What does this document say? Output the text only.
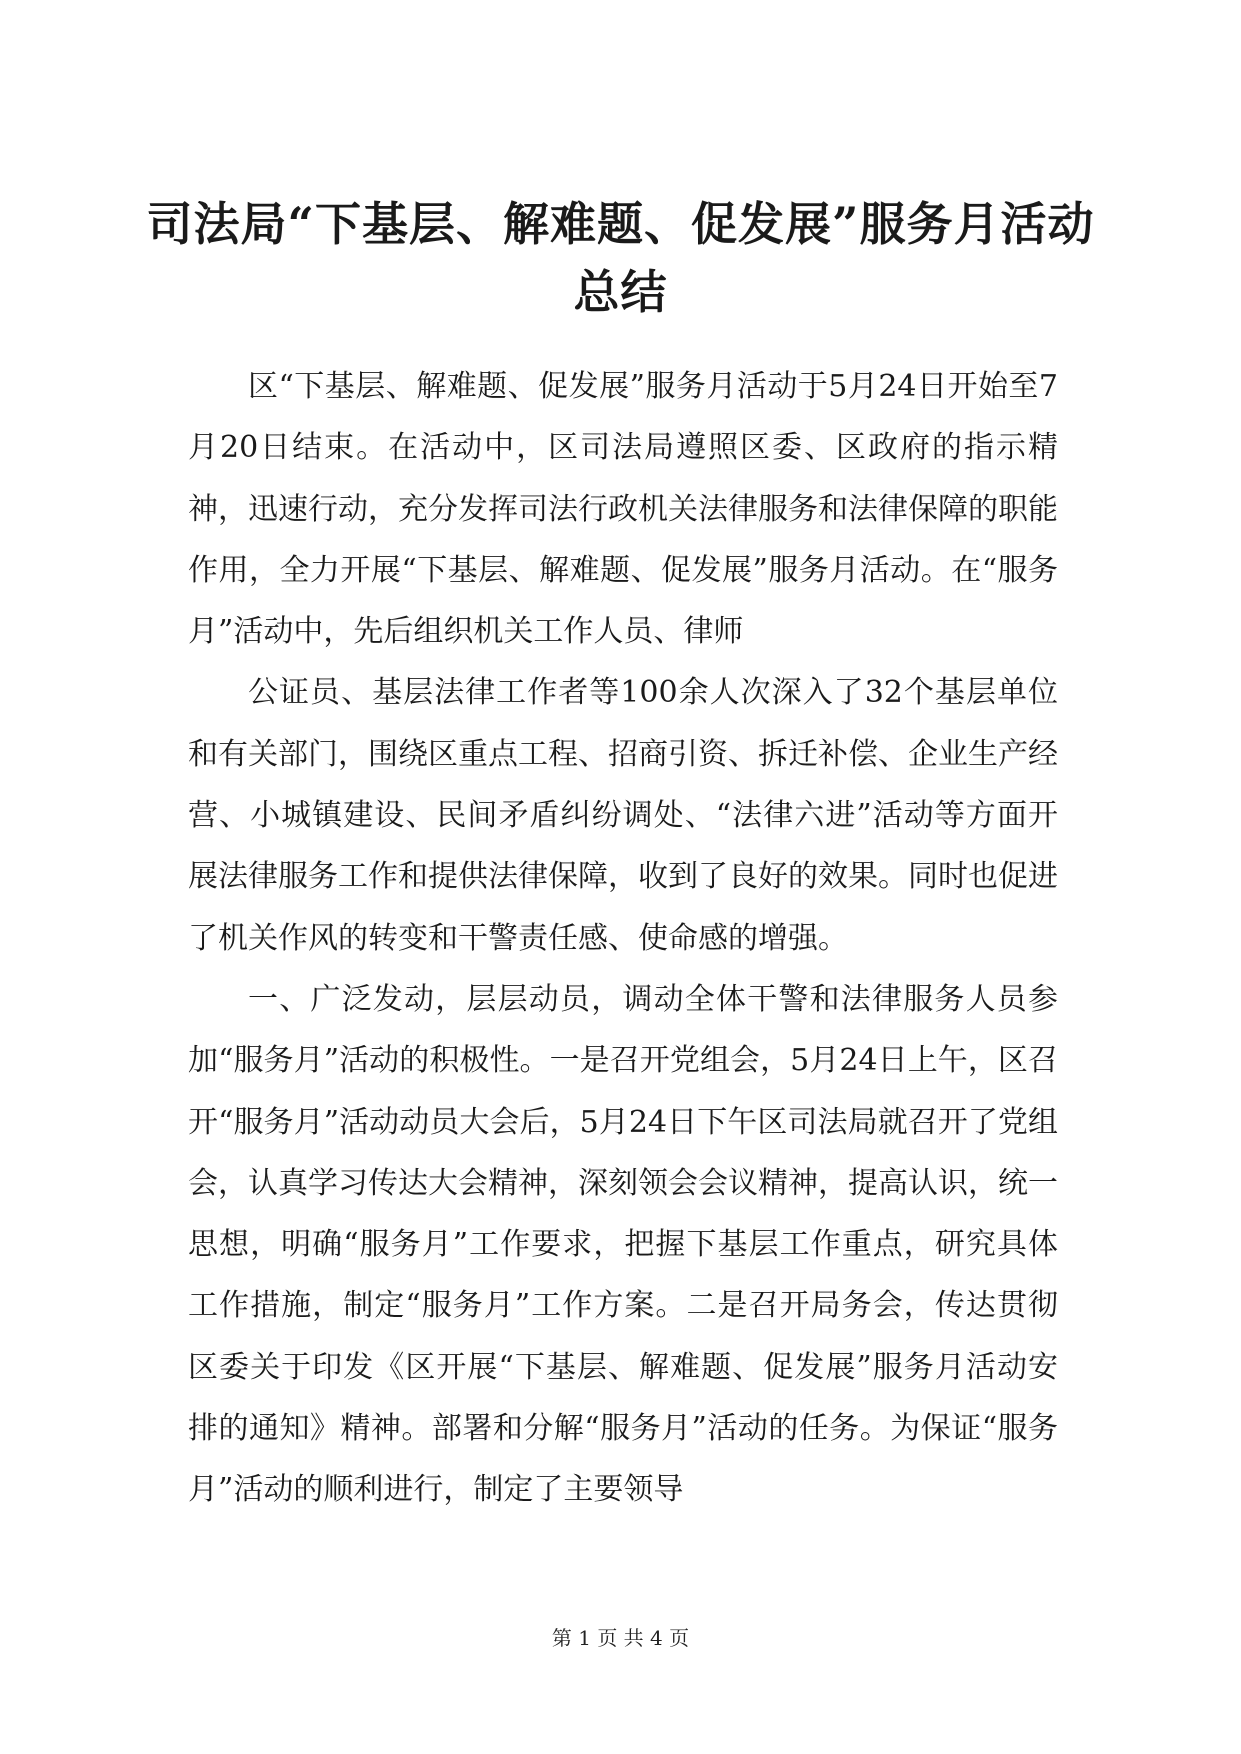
司法局“下基层、解难题、促发展”服务月活动总结

区“下基层、解难题、促发展”服务月活动于5月24日开始至7月20日结束。在活动中，区司法局遵照区委、区政府的指示精神，迅速行动，充分发挥司法行政机关法律服务和法律保障的职能作用，全力开展“下基层、解难题、促发展”服务月活动。在“服务月”活动中，先后组织机关工作人员、律师

公证员、基层法律工作者等100余人次深入了32个基层单位和有关部门，围绕区重点工程、招商引资、拆迁补偿、企业生产经营、小城镇建设、民间矛盾纠纷调处、“法律六进”活动等方面开展法律服务工作和提供法律保障，收到了良好的效果。同时也促进了机关作风的转变和干警责任感、使命感的增强。

一、广泛发动，层层动员，调动全体干警和法律服务人员参加“服务月”活动的积极性。一是召开党组会，5月24日上午，区召开“服务月”活动动员大会后，5月24日下午区司法局就召开了党组会，认真学习传达大会精神，深刻领会会议精神，提高认识，统一思想，明确“服务月”工作要求，把握下基层工作重点，研究具体工作措施，制定“服务月”工作方案。二是召开局务会，传达贯彻区委关于印发《区开展“下基层、解难题、促发展”服务月活动安排的通知》精神。部署和分解“服务月”活动的任务。为保证“服务月”活动的顺利进行，制定了主要领导

第 1 页 共 4 页
